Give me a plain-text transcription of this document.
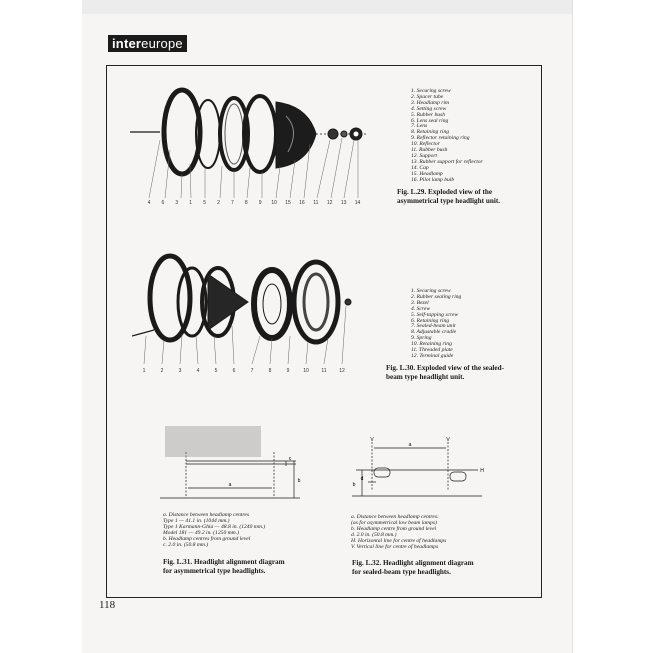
intereurope
4 6 3 1 5 2 7 8 9 10 15 16 11 12 13 14
1. Securing screw
2. Spacer tube
3. Headlamp rim
4. Setting screw
5. Rubber bush
6. Lens seal ring
7. Lens
8. Retaining ring
9. Reflector retaining ring
10. Reflector
11. Rubber bush
12. Support
13. Rubber support for reflector
14. Cap
15. Headlamp
16. Pilot lamp bulb
Fig. L.29. Exploded view of the
asymmetrical type headlight unit.
1	2	3	4	5	6	7	8	9	10	11	12
1. Securing screw
2. Rubber sealing ring
3. Bezel
4. Screw
5. Self-tapping screw
6. Retaining ring
7. Sealed-beam unit
8. Adjustable cradle
9. Spring
10. Retaining ring
11. Threaded plate
12. Terminal guide
Fig. L.30. Exploded view of the sealed-
beam type headlight unit.
a
b
c
a. Distance between headlamp centres
Type 1 — 41.1 in. (1044 mm.)
Type 1 Karmann-Ghia — 48.8 in. (1240 mm.)
Model 181 — 49.2 in. (1250 mm.)
b. Headlamp centres from ground level
c. 2.0 in. (50.8 mm.)
Fig. L.31. Headlight alignment diagram
for asymmetrical type headlights.
V	V
H
a
b
d
a. Distance between headlamp centres:
(as for asymmetrical low beam lamps)
b. Headlamp centre from ground level
d. 2.0 in. (50.8 mm.)
H. Horizontal line for centre of headlamps
V. Vertical line for centre of headlamps
Fig. L.32. Headlight alignment diagram
for sealed-beam type headlights.
118
